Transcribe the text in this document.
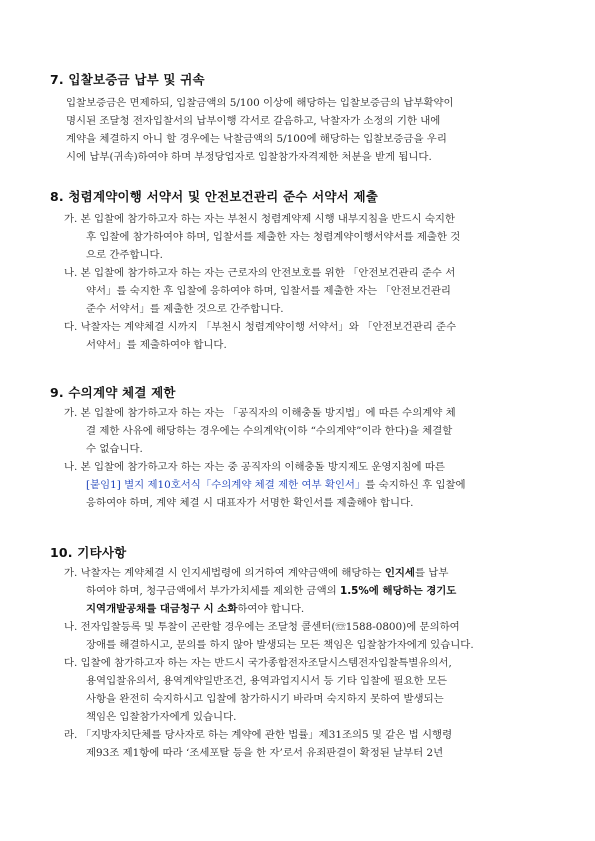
7. 입찰보증금 납부 및 귀속
입찰보증금은 면제하되, 입찰금액의 5/100 이상에 해당하는 입찰보증금의 납부확약이
명시된 조달청 전자입찰서의 납부이행 각서로 갈음하고, 낙찰자가 소정의 기한 내에
계약을 체결하지 아니 할 경우에는 낙찰금액의 5/100에 해당하는 입찰보증금을 우리
시에 납부(귀속)하여야 하며 부정당업자로 입찰참가자격제한 처분을 받게 됩니다.
8. 청렴계약이행 서약서 및 안전보건관리 준수 서약서 제출
가. 본 입찰에 참가하고자 하는 자는 부천시 청렴계약제 시행 내부지침을 반드시 숙지한
후 입찰에 참가하여야 하며, 입찰서를 제출한 자는 청렴계약이행서약서를 제출한 것
으로 간주합니다.
나. 본 입찰에 참가하고자 하는 자는 근로자의 안전보호를 위한 「안전보건관리 준수 서
약서」를 숙지한 후 입찰에 응하여야 하며, 입찰서를 제출한 자는 「안전보건관리
준수 서약서」를 제출한 것으로 간주합니다.
다. 낙찰자는 계약체결 시까지 「부천시 청렴계약이행 서약서」와 「안전보건관리 준수
서약서」를 제출하여야 합니다.
9. 수의계약 체결 제한
가. 본 입찰에 참가하고자 하는 자는 「공직자의 이해충돌 방지법」에 따른 수의계약 체
결 제한 사유에 해당하는 경우에는 수의계약(이하 “수의계약”이라 한다)을 체결할
수 없습니다.
나. 본 입찰에 참가하고자 하는 자는 중 공직자의 이해충돌 방지제도 운영지침에 따른
[붙임1] 별지 제10호서식「수의계약 체결 제한 여부 확인서」를 숙지하신 후 입찰에
응하여야 하며, 계약 체결 시 대표자가 서명한 확인서를 제출해야 합니다.
10. 기타사항
가. 낙찰자는 계약체결 시 인지세법령에 의거하여 계약금액에 해당하는 인지세를 납부
하여야 하며, 청구금액에서 부가가치세를 제외한 금액의 1.5%에 해당하는 경기도
지역개발공채를 대금청구 시 소화하여야 합니다.
나. 전자입찰등록 및 투찰이 곤란할 경우에는 조달청 콜센터(☏1588-0800)에 문의하여
장애를 해결하시고, 문의를 하지 않아 발생되는 모든 책임은 입찰참가자에게 있습니다.
다. 입찰에 참가하고자 하는 자는 반드시 국가종합전자조달시스템전자입찰특별유의서,
용역입찰유의서, 용역계약일반조건, 용역과업지시서 등 기타 입찰에 필요한 모든
사항을 완전히 숙지하시고 입찰에 참가하시기 바라며 숙지하지 못하여 발생되는
책임은 입찰참가자에게 있습니다.
라. 「지방자치단체를 당사자로 하는 계약에 관한 법률」제31조의5 및 같은 법 시행령
제93조 제1항에 따라 ‘조세포탈 등을 한 자’로서 유죄판결이 확정된 날부터 2년
